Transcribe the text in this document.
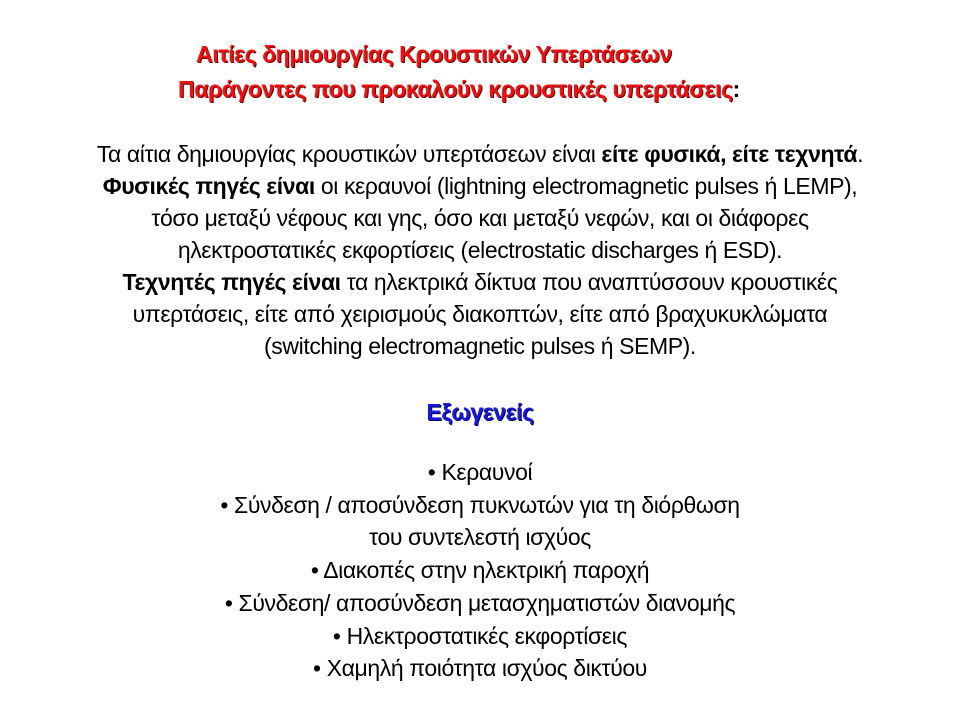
Αιτίες δημιουργίας Κρουστικών Υπερτάσεων
Παράγοντες που προκαλούν κρουστικές υπερτάσεις:
Τα αίτια δημιουργίας κρουστικών υπερτάσεων είναι είτε φυσικά, είτε τεχνητά.
Φυσικές πηγές είναι οι κεραυνοί (lightning electromagnetic pulses ή LEMP),
τόσο μεταξύ νέφους και γης, όσο και μεταξύ νεφών, και οι διάφορες
ηλεκτροστατικές εκφορτίσεις (electrostatic discharges ή ESD).
Τεχνητές πηγές είναι τα ηλεκτρικά δίκτυα που αναπτύσσουν κρουστικές
υπερτάσεις, είτε από χειρισμούς διακοπτών, είτε από βραχυκυκλώματα
(switching electromagnetic pulses ή SEMP).
Εξωγενείς
• Κεραυνοί
• Σύνδεση / αποσύνδεση πυκνωτών για τη διόρθωση
του συντελεστή ισχύος
• Διακοπές στην ηλεκτρική παροχή
• Σύνδεση/ αποσύνδεση μετασχηματιστών διανομής
• Ηλεκτροστατικές εκφορτίσεις
• Χαμηλή ποιότητα ισχύος δικτύου
